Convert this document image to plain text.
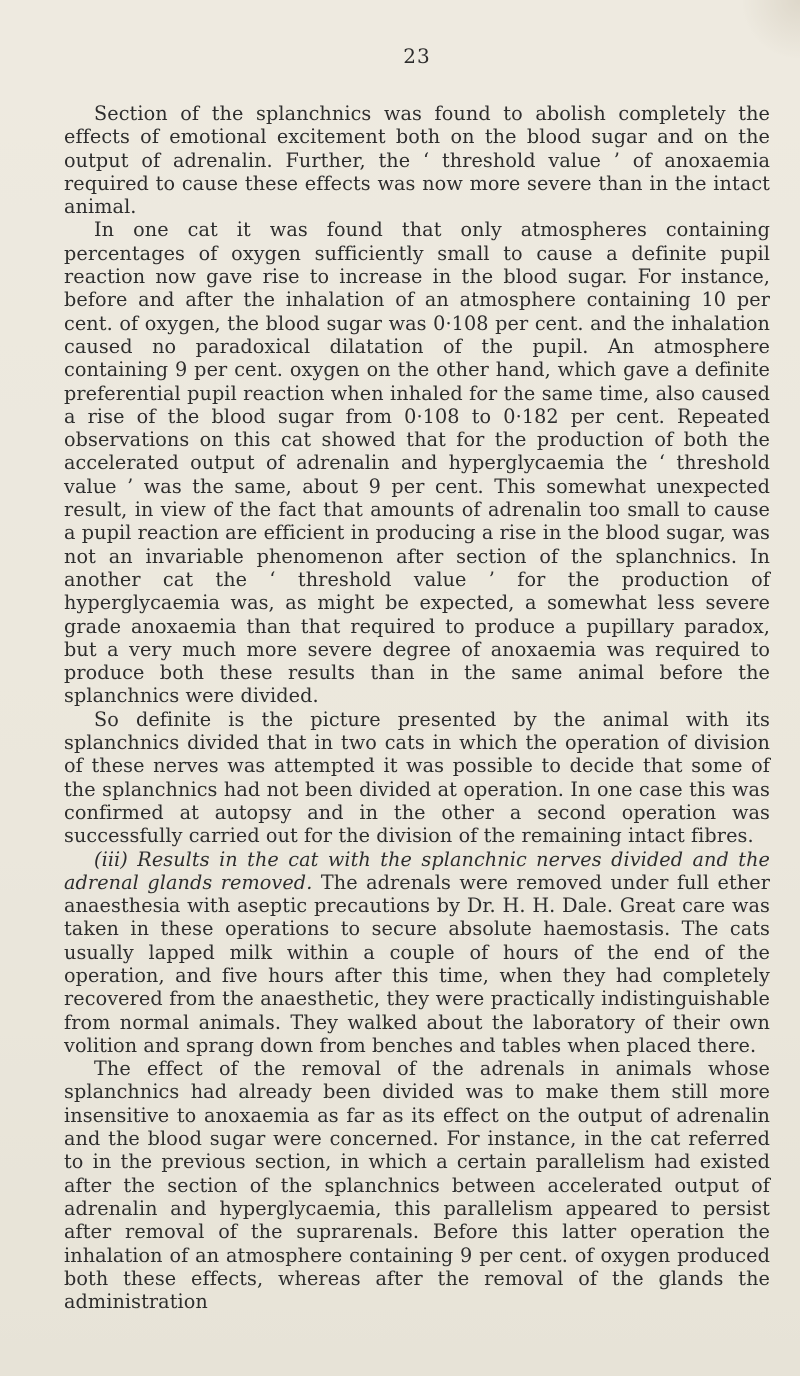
23

Section of the splanchnics was found to abolish completely the effects of emotional excitement both on the blood sugar and on the output of adrenalin. Further, the ‘ threshold value ’ of anoxaemia required to cause these effects was now more severe than in the intact animal.

In one cat it was found that only atmospheres containing percentages of oxygen sufficiently small to cause a definite pupil reaction now gave rise to increase in the blood sugar. For instance, before and after the inhalation of an atmosphere containing 10 per cent. of oxygen, the blood sugar was 0·108 per cent. and the inhalation caused no paradoxical dilatation of the pupil. An atmosphere containing 9 per cent. oxygen on the other hand, which gave a definite preferential pupil reaction when inhaled for the same time, also caused a rise of the blood sugar from 0·108 to 0·182 per cent. Repeated observations on this cat showed that for the production of both the accelerated output of adrenalin and hyperglycaemia the ‘ threshold value ’ was the same, about 9 per cent. This somewhat unexpected result, in view of the fact that amounts of adrenalin too small to cause a pupil reaction are efficient in producing a rise in the blood sugar, was not an invariable phenomenon after section of the splanchnics. In another cat the ‘ threshold value ’ for the production of hyperglycaemia was, as might be expected, a somewhat less severe grade anoxaemia than that required to produce a pupillary paradox, but a very much more severe degree of anoxaemia was required to produce both these results than in the same animal before the splanchnics were divided.

So definite is the picture presented by the animal with its splanchnics divided that in two cats in which the operation of division of these nerves was attempted it was possible to decide that some of the splanchnics had not been divided at operation. In one case this was confirmed at autopsy and in the other a second operation was successfully carried out for the division of the remaining intact fibres.

(iii) Results in the cat with the splanchnic nerves divided and the adrenal glands removed. The adrenals were removed under full ether anaesthesia with aseptic precautions by Dr. H. H. Dale. Great care was taken in these operations to secure absolute haemostasis. The cats usually lapped milk within a couple of hours of the end of the operation, and five hours after this time, when they had completely recovered from the anaesthetic, they were practically indistinguishable from normal animals. They walked about the laboratory of their own volition and sprang down from benches and tables when placed there.

The effect of the removal of the adrenals in animals whose splanchnics had already been divided was to make them still more insensitive to anoxaemia as far as its effect on the output of adrenalin and the blood sugar were concerned. For instance, in the cat referred to in the previous section, in which a certain parallelism had existed after the section of the splanchnics between accelerated output of adrenalin and hyperglycaemia, this parallelism appeared to persist after removal of the suprarenals. Before this latter operation the inhalation of an atmosphere containing 9 per cent. of oxygen produced both these effects, whereas after the removal of the glands the administration
